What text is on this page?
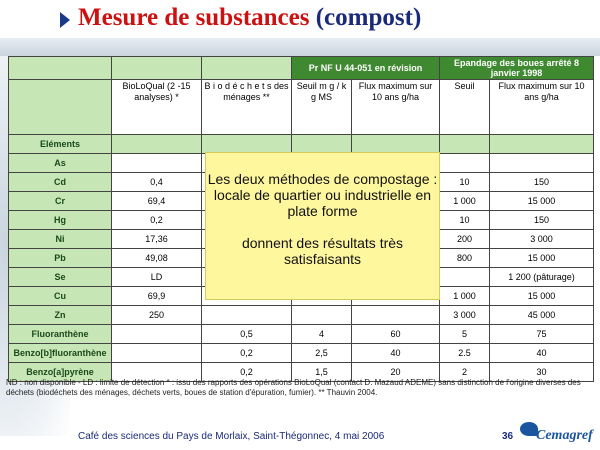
Mesure de substances (compost)
			Pr NF U 44-051 en révision		Epandage des boues arrêté 8 janvier 1998	
	BioLoQual (2 -15 analyses) *	B i o d é c h e t s des ménages **	Seuil m g / k g MS	Flux maximum sur 10 ans g/ha	Seuil	Flux maximum sur 10 ans g/ha
Eléments						
As						
Cd	0,4				10	150
Cr	69,4				1 000	15 000
Hg	0,2				10	150
Ni	17,36				200	3 000
Pb	49,08				800	15 000
Se	LD					1 200 (pâturage)
Cu	69,9				1 000	15 000
Zn	250				3 000	45 000
Fluoranthène		0,5	4	60	5	75
Benzo[b]fluoranthène		0,2	2,5	40	2.5	40
Benzo[a]pyrène		0,2	1,5	20	2	30

Les deux méthodes de compostage :

locale de quartier ou industrielle en plate forme

donnent des résultats très satisfaisants

ND : non disponible - LD : limite de détection * : issu des rapports des opérations BioLoQual (contact D. Mazaud ADEME) sans distinction de l'origine diverses des déchets (biodéchets des ménages, déchets verts, boues de station d'épuration, fumier). ** Thauvin 2004.
Café des sciences du Pays de Morlaix, Saint-Thégonnec, 4 mai 2006	36 Cemagref
